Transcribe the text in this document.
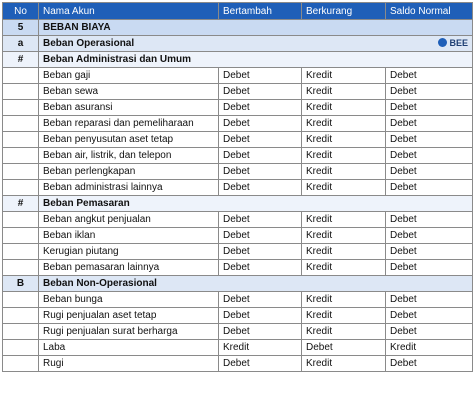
No	Nama Akun	Bertambah	Berkurang	Saldo Normal
5	BEBAN BIAYA			
a	Beban Operasional BEE			

#	Beban Administrasi dan Umum			
	Beban gaji	Debet	Kredit	Debet
	Beban sewa	Debet	Kredit	Debet
	Beban asuransi	Debet	Kredit	Debet
	Beban reparasi dan pemeliharaan	Debet	Kredit	Debet
	Beban penyusutan aset tetap	Debet	Kredit	Debet
	Beban air, listrik, dan telepon	Debet	Kredit	Debet
	Beban perlengkapan	Debet	Kredit	Debet
	Beban administrasi lainnya	Debet	Kredit	Debet
#	Beban Pemasaran			
	Beban angkut penjualan	Debet	Kredit	Debet
	Beban iklan	Debet	Kredit	Debet
	Kerugian piutang	Debet	Kredit	Debet
	Beban pemasaran lainnya	Debet	Kredit	Debet
B	Beban Non-Operasional			
	Beban bunga	Debet	Kredit	Debet
	Rugi penjualan aset tetap	Debet	Kredit	Debet
	Rugi penjualan surat berharga	Debet	Kredit	Debet
	Laba	Kredit	Debet	Kredit
	Rugi	Debet	Kredit	Debet
